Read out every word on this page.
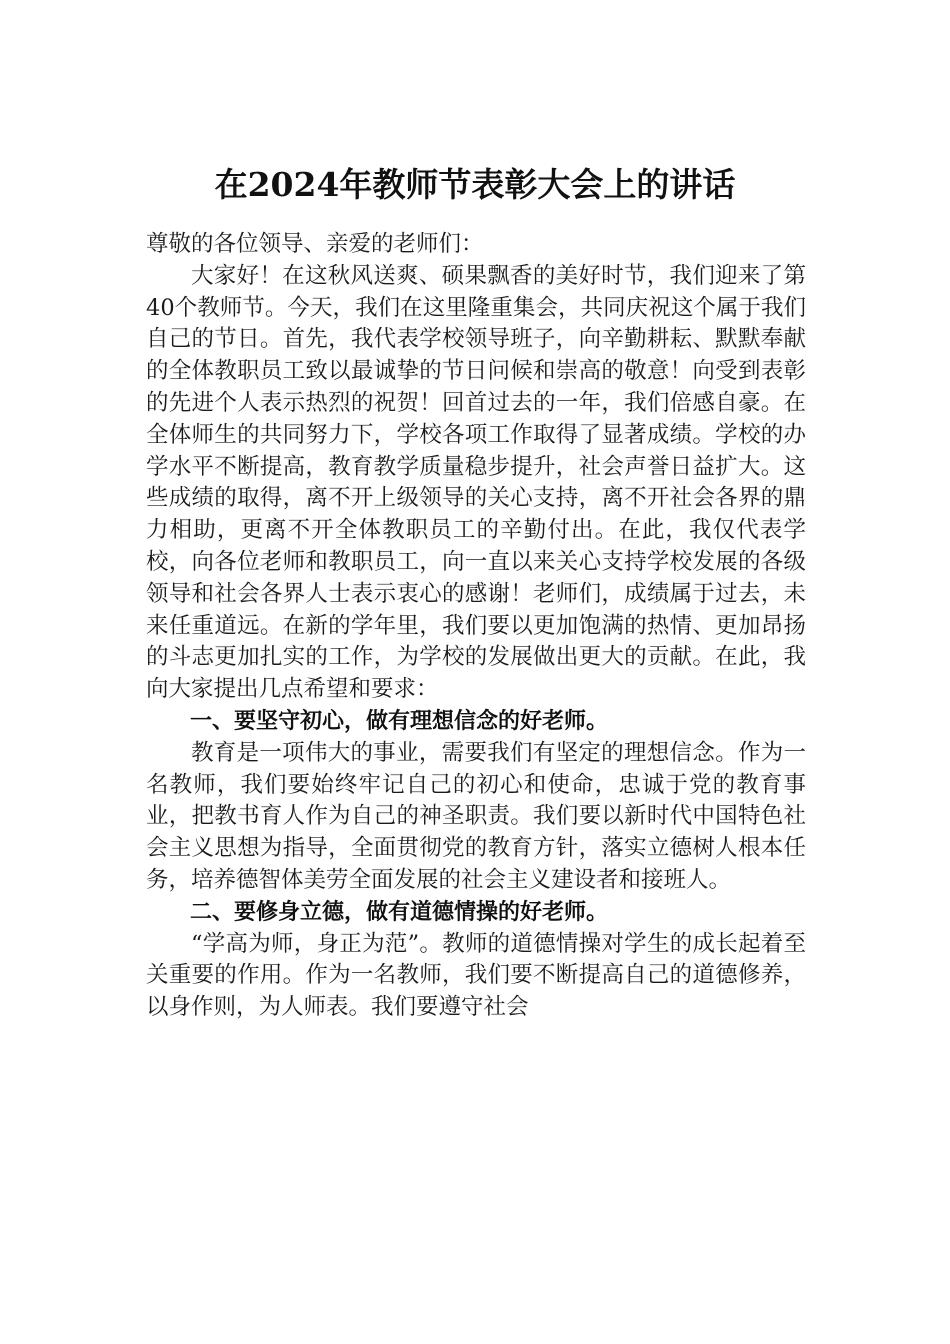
在2024年教师节表彰大会上的讲话

尊敬的各位领导、亲爱的老师们：

大家好！在这秋风送爽、硕果飘香的美好时节，我们迎来了第40个教师节。今天，我们在这里隆重集会，共同庆祝这个属于我们自己的节日。首先，我代表学校领导班子，向辛勤耕耘、默默奉献的全体教职员工致以最诚挚的节日问候和崇高的敬意！向受到表彰的先进个人表示热烈的祝贺！回首过去的一年，我们倍感自豪。在全体师生的共同努力下，学校各项工作取得了显著成绩。学校的办学水平不断提高，教育教学质量稳步提升，社会声誉日益扩大。这些成绩的取得，离不开上级领导的关心支持，离不开社会各界的鼎力相助，更离不开全体教职员工的辛勤付出。在此，我仅代表学校，向各位老师和教职员工，向一直以来关心支持学校发展的各级领导和社会各界人士表示衷心的感谢！老师们，成绩属于过去，未来任重道远。在新的学年里，我们要以更加饱满的热情、更加昂扬的斗志更加扎实的工作，为学校的发展做出更大的贡献。在此，我向大家提出几点希望和要求：

一、要坚守初心，做有理想信念的好老师。

教育是一项伟大的事业，需要我们有坚定的理想信念。作为一名教师，我们要始终牢记自己的初心和使命，忠诚于党的教育事业，把教书育人作为自己的神圣职责。我们要以新时代中国特色社会主义思想为指导，全面贯彻党的教育方针，落实立德树人根本任务，培养德智体美劳全面发展的社会主义建设者和接班人。

二、要修身立德，做有道德情操的好老师。

“学高为师，身正为范”。教师的道德情操对学生的成长起着至关重要的作用。作为一名教师，我们要不断提高自己的道德修养，以身作则，为人师表。我们要遵守社会
